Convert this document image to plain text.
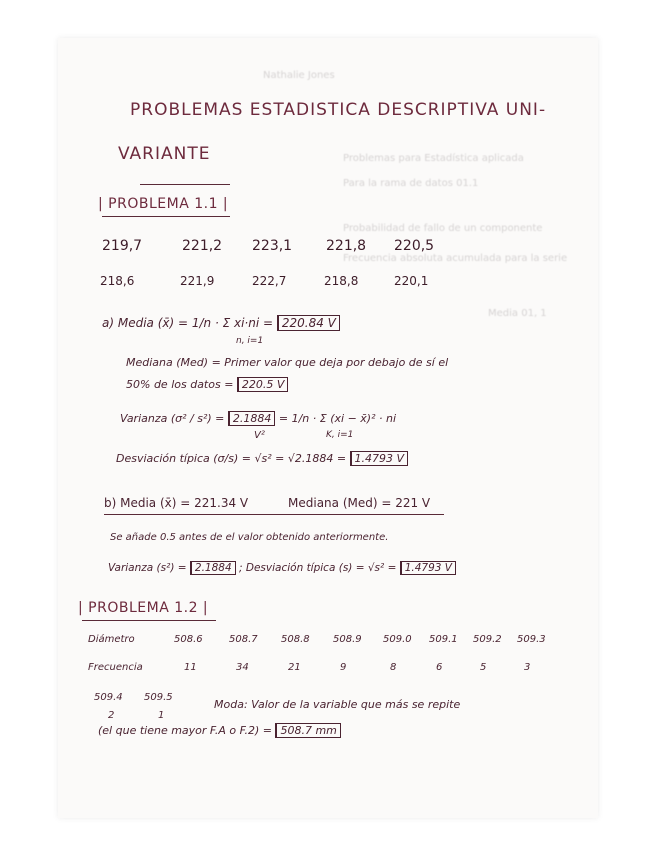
Nathalie Jones
Problemas para Estadística aplicada
Para la rama de datos 01.1
Probabilidad de fallo de un componente
Frecuencia absoluta acumulada para la serie
Media 01, 1
PROBLEMAS ESTADISTICA DESCRIPTIVA UNI-
VARIANTE
| PROBLEMA 1.1 |
219,7	221,2 223,1 221,8 220,5
218,6	221,9	222,7	218,8	220,1
a) Media (x̄) = 1/n · Σ xi·ni = 220.84 V
n, i=1
Mediana (Med) = Primer valor que deja por debajo de sí el
50% de los datos = 220.5 V
Varianza (σ² / s²) = 2.1884 = 1/n · Σ (xi − x̄)² · ni
V²	K, i=1
Desviación típica (σ/s) = √s² = √2.1884 = 1.4793 V
b) Media (x̄) = 221.34 V	Mediana (Med) = 221 V
Se añade 0.5 antes de el valor obtenido anteriormente.
Varianza (s²) = 2.1884 ; Desviación típica (s) = √s² = 1.4793 V
| PROBLEMA 1.2 |
Diámetro	508.6	508.7 508.8 508.9 509.0 509.1 509.2 509.3
Frecuencia	11	34	21	9	8	6	5	3
509.4 509.5
2	1
Moda: Valor de la variable que más se repite
(el que tiene mayor F.A o F.2) = 508.7 mm
